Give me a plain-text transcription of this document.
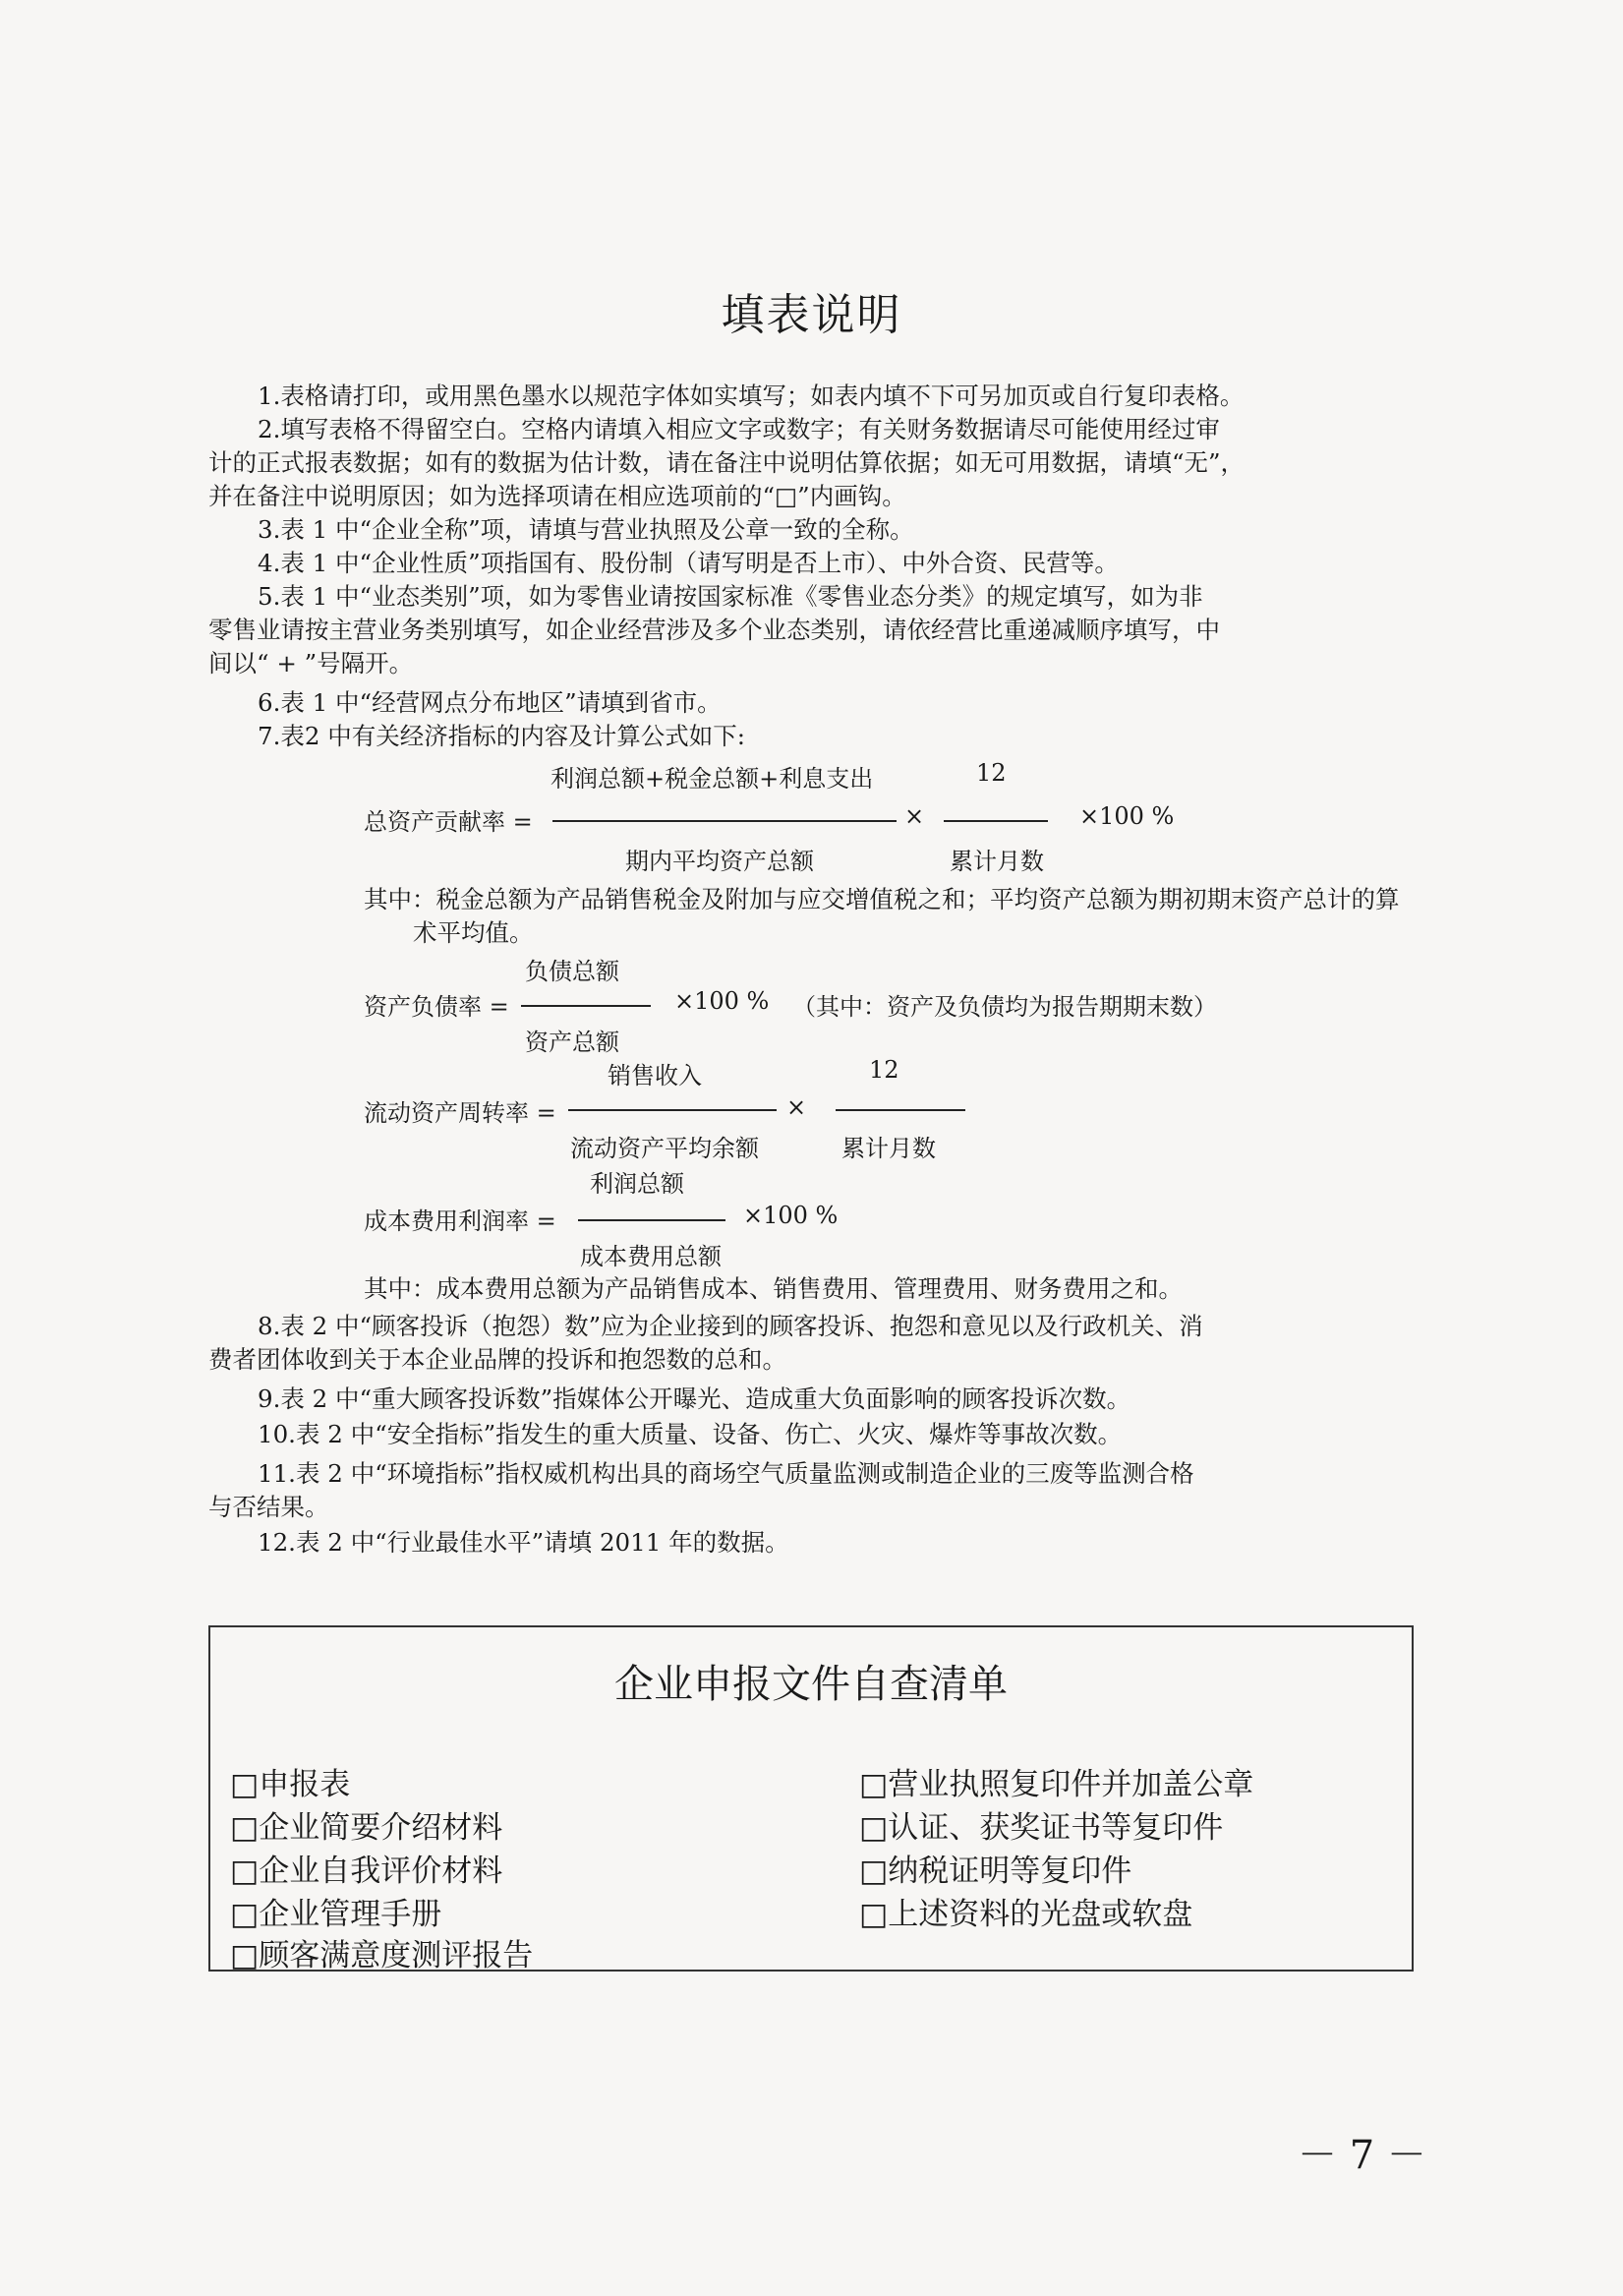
填表说明
1.表格请打印，或用黑色墨水以规范字体如实填写；如表内填不下可另加页或自行复印表格。
2.填写表格不得留空白。空格内请填入相应文字或数字；有关财务数据请尽可能使用经过审
计的正式报表数据；如有的数据为估计数，请在备注中说明估算依据；如无可用数据，请填“无”，
并在备注中说明原因；如为选择项请在相应选项前的“□”内画钩。
3.表 1 中“企业全称”项，请填与营业执照及公章一致的全称。
4.表 1 中“企业性质”项指国有、股份制（请写明是否上市）、中外合资、民营等。
5.表 1 中“业态类别”项，如为零售业请按国家标准《零售业态分类》的规定填写，如为非
零售业请按主营业务类别填写，如企业经营涉及多个业态类别，请依经营比重递减顺序填写，中
间以“ + ”号隔开。
6.表 1 中“经营网点分布地区”请填到省市。
7.表2 中有关经济指标的内容及计算公式如下:
利润总额+税金总额+利息支出
总资产贡献率 =	×
12
×100 %
期内平均资产总额	累计月数
其中：税金总额为产品销售税金及附加与应交增值税之和；平均资产总额为期初期末资产总计的算
术平均值。
负债总额
资产负债率 =	×100 % （其中：资产及负债均为报告期期末数）
资产总额
销售收入
流动资产周转率 =	×
12
流动资产平均余额	累计月数
利润总额
成本费用利润率 =	×100 %
成本费用总额
其中：成本费用总额为产品销售成本、销售费用、管理费用、财务费用之和。
8.表 2 中“顾客投诉（抱怨）数”应为企业接到的顾客投诉、抱怨和意见以及行政机关、消
费者团体收到关于本企业品牌的投诉和抱怨数的总和。
9.表 2 中“重大顾客投诉数”指媒体公开曝光、造成重大负面影响的顾客投诉次数。
10.表 2 中“安全指标”指发生的重大质量、设备、伤亡、火灾、爆炸等事故次数。
11.表 2 中“环境指标”指权威机构出具的商场空气质量监测或制造企业的三废等监测合格
与否结果。
12.表 2 中“行业最佳水平”请填 2011 年的数据。
企业申报文件自查清单
□申报表
□企业简要介绍材料
□企业自我评价材料
□企业管理手册
□顾客满意度测评报告
□营业执照复印件并加盖公章
□认证、获奖证书等复印件
□纳税证明等复印件
□上述资料的光盘或软盘
－ 7 －
